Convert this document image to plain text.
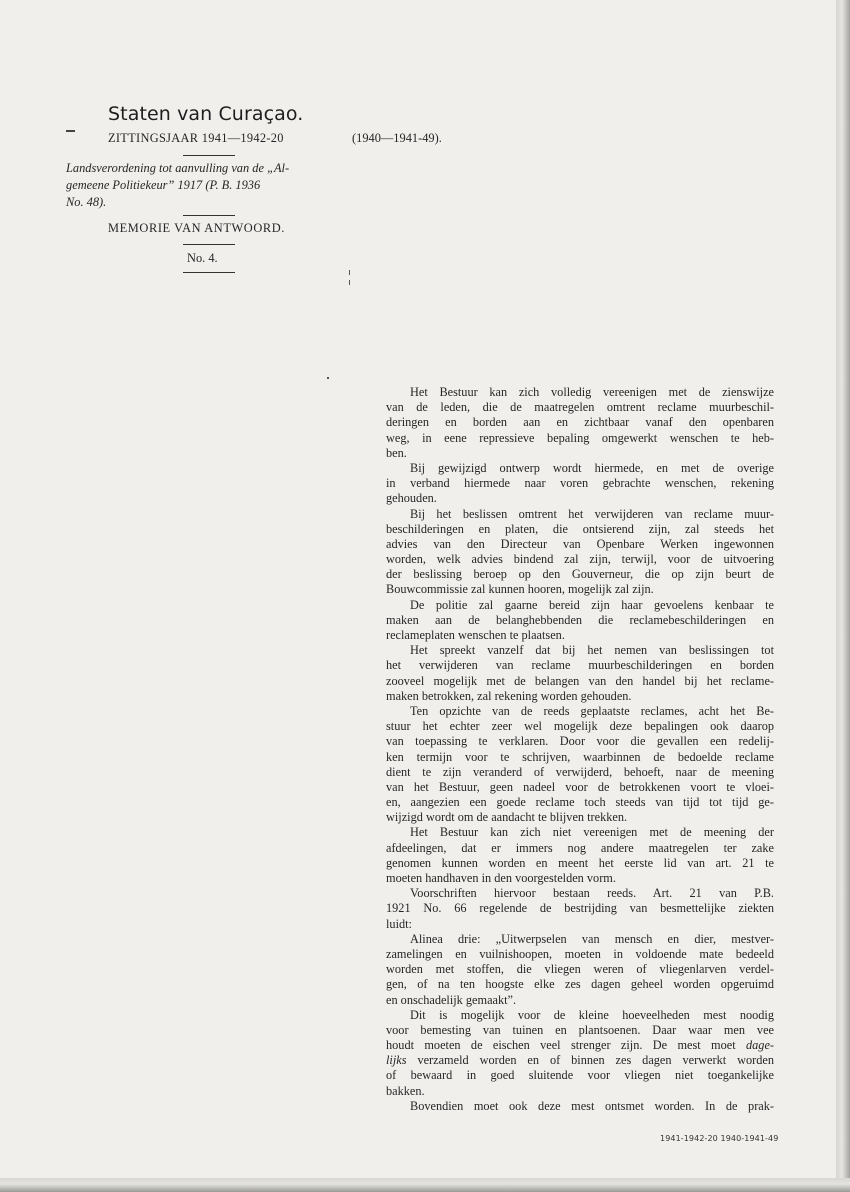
Staten van Curaçao.
ZITTINGSJAAR 1941—1942-20	(1940—1941-49).
Landsverordening tot aanvulling van de „Al-
gemeene Politiekeur” 1917 (P. B. 1936
No. 48).
MEMORIE VAN ANTWOORD.
No. 4.
Het Bestuur kan zich volledig vereenigen met de zienswijze
van de leden, die de maatregelen omtrent reclame muurbeschil-
deringen en borden aan en zichtbaar vanaf den openbaren
weg, in eene repressieve bepaling omgewerkt wenschen te heb-
ben.
Bij gewijzigd ontwerp wordt hiermede, en met de overige
in verband hiermede naar voren gebrachte wenschen, rekening
gehouden.
Bij het beslissen omtrent het verwijderen van reclame muur-
beschilderingen en platen, die ontsierend zijn, zal steeds het
advies van den Directeur van Openbare Werken ingewonnen
worden, welk advies bindend zal zijn, terwijl, voor de uitvoering
der beslissing beroep op den Gouverneur, die op zijn beurt de
Bouwcommissie zal kunnen hooren, mogelijk zal zijn.
De politie zal gaarne bereid zijn haar gevoelens kenbaar te
maken aan de belanghebbenden die reclamebeschilderingen en
reclameplaten wenschen te plaatsen.
Het spreekt vanzelf dat bij het nemen van beslissingen tot
het verwijderen van reclame muurbeschilderingen en borden
zooveel mogelijk met de belangen van den handel bij het reclame-
maken betrokken, zal rekening worden gehouden.
Ten opzichte van de reeds geplaatste reclames, acht het Be-
stuur het echter zeer wel mogelijk deze bepalingen ook daarop
van toepassing te verklaren. Door voor die gevallen een redelij-
ken termijn voor te schrijven, waarbinnen de bedoelde reclame
dient te zijn veranderd of verwijderd, behoeft, naar de meening
van het Bestuur, geen nadeel voor de betrokkenen voort te vloei-
en, aangezien een goede reclame toch steeds van tijd tot tijd ge-
wijzigd wordt om de aandacht te blijven trekken.
Het Bestuur kan zich niet vereenigen met de meening der
afdeelingen, dat er immers nog andere maatregelen ter zake
genomen kunnen worden en meent het eerste lid van art. 21 te
moeten handhaven in den voorgestelden vorm.
Voorschriften hiervoor bestaan reeds. Art. 21 van P.B.
1921 No. 66 regelende de bestrijding van besmettelijke ziekten
luidt:
Alinea drie: „Uitwerpselen van mensch en dier, mestver-
zamelingen en vuilnishoopen, moeten in voldoende mate bedeeld
worden met stoffen, die vliegen weren of vliegenlarven verdel-
gen, of na ten hoogste elke zes dagen geheel worden opgeruimd
en onschadelijk gemaakt”.
Dit is mogelijk voor de kleine hoeveelheden mest noodig
voor bemesting van tuinen en plantsoenen. Daar waar men vee
houdt moeten de eischen veel strenger zijn. De mest moet dage-
lijks verzameld worden en of binnen zes dagen verwerkt worden
of bewaard in goed sluitende voor vliegen niet toegankelijke
bakken.
Bovendien moet ook deze mest ontsmet worden. In de prak-
1941-1942-20 1940-1941-49
